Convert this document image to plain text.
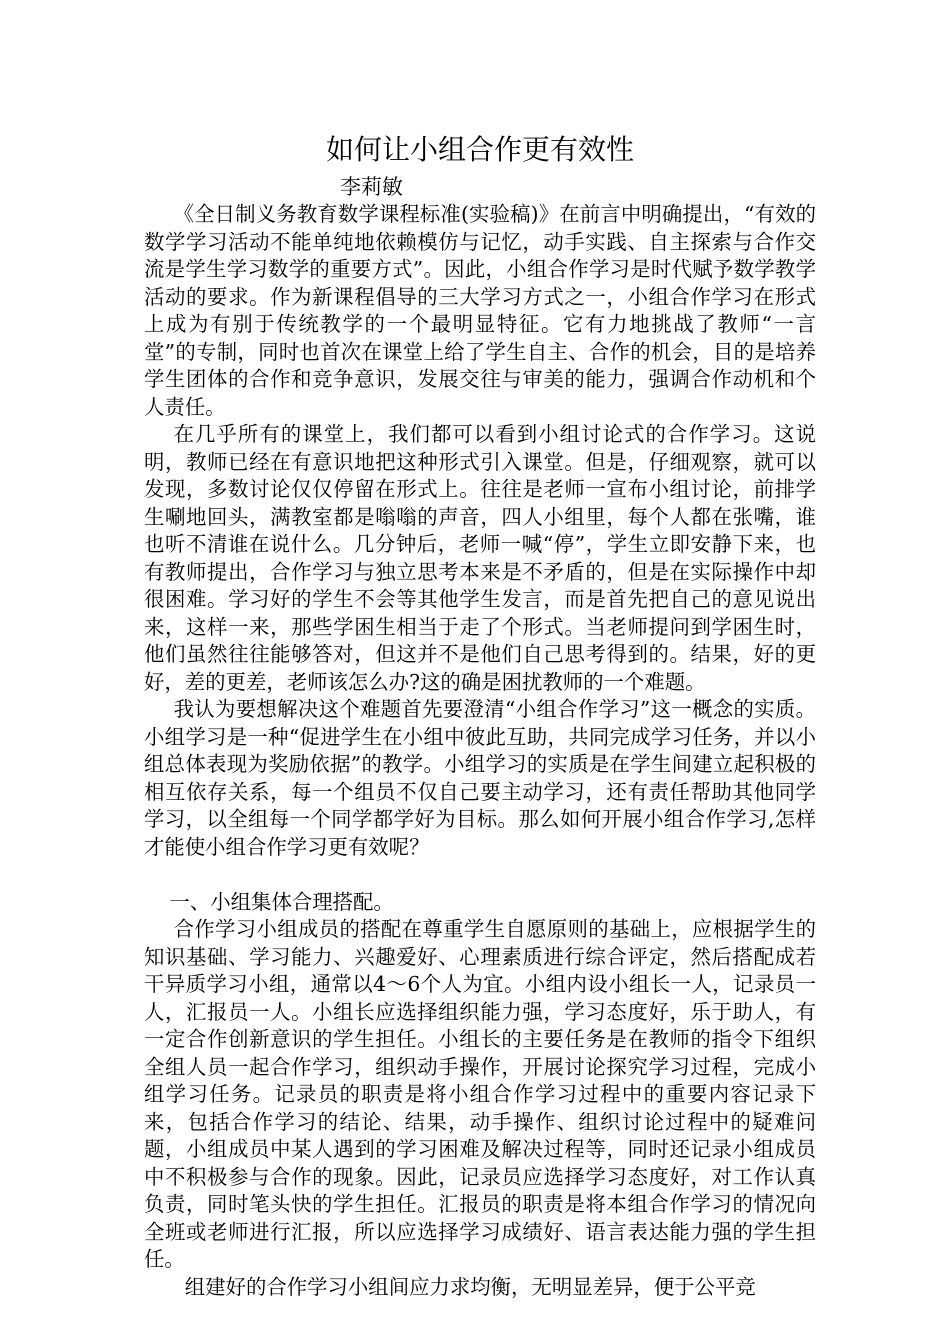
如何让小组合作更有效性

李莉敏

《全日制义务教育数学课程标准(实验稿)》在前言中明确提出，“有效的数学学习活动不能单纯地依赖模仿与记忆，动手实践、自主探索与合作交流是学生学习数学的重要方式”。因此，小组合作学习是时代赋予数学教学活动的要求。作为新课程倡导的三大学习方式之一，小组合作学习在形式上成为有别于传统教学的一个最明显特征。它有力地挑战了教师“一言堂”的专制，同时也首次在课堂上给了学生自主、合作的机会，目的是培养学生团体的合作和竞争意识，发展交往与审美的能力，强调合作动机和个人责任。

在几乎所有的课堂上，我们都可以看到小组讨论式的合作学习。这说明，教师已经在有意识地把这种形式引入课堂。但是，仔细观察，就可以发现，多数讨论仅仅停留在形式上。往往是老师一宣布小组讨论，前排学生唰地回头，满教室都是嗡嗡的声音，四人小组里，每个人都在张嘴，谁也听不清谁在说什么。几分钟后，老师一喊“停”，学生立即安静下来，也有教师提出，合作学习与独立思考本来是不矛盾的，但是在实际操作中却很困难。学习好的学生不会等其他学生发言，而是首先把自己的意见说出来，这样一来，那些学困生相当于走了个形式。当老师提问到学困生时，他们虽然往往能够答对，但这并不是他们自己思考得到的。结果，好的更好，差的更差，老师该怎么办?这的确是困扰教师的一个难题。

我认为要想解决这个难题首先要澄清“小组合作学习”这一概念的实质。小组学习是一种“促进学生在小组中彼此互助，共同完成学习任务，并以小组总体表现为奖励依据”的教学。小组学习的实质是在学生间建立起积极的相互依存关系，每一个组员不仅自己要主动学习，还有责任帮助其他同学学习，以全组每一个同学都学好为目标。那么如何开展小组合作学习,怎样才能使小组合作学习更有效呢？

一、小组集体合理搭配。

合作学习小组成员的搭配在尊重学生自愿原则的基础上，应根据学生的知识基础、学习能力、兴趣爱好、心理素质进行综合评定，然后搭配成若干异质学习小组，通常以4～6个人为宜。小组内设小组长一人，记录员一人，汇报员一人。小组长应选择组织能力强，学习态度好，乐于助人，有一定合作创新意识的学生担任。小组长的主要任务是在教师的指令下组织全组人员一起合作学习，组织动手操作，开展讨论探究学习过程，完成小组学习任务。记录员的职责是将小组合作学习过程中的重要内容记录下来，包括合作学习的结论、结果，动手操作、组织讨论过程中的疑难问题，小组成员中某人遇到的学习困难及解决过程等，同时还记录小组成员中不积极参与合作的现象。因此，记录员应选择学习态度好，对工作认真负责，同时笔头快的学生担任。汇报员的职责是将本组合作学习的情况向全班或老师进行汇报，所以应选择学习成绩好、语言表达能力强的学生担任。

组建好的合作学习小组间应力求均衡，无明显差异，便于公平竞
